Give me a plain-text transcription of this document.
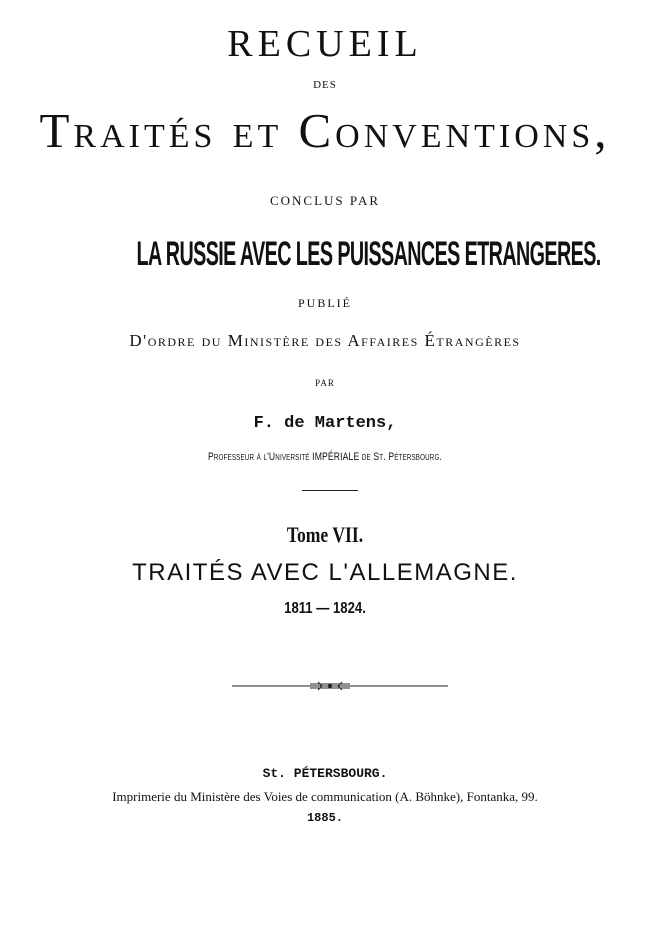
RECUEIL
DES
Traités et Conventions,
CONCLUS PAR
LA RUSSIE AVEC LES PUISSANCES ETRANGERES.
PUBLIÉ
D'ordre du Ministère des Affaires Étrangères
PAR
F. de Martens,
Professeur à l'Université IMPÉRIALE de St. Pétersbourg.
Tome VII.
TRAITÉS AVEC L'ALLEMAGNE.
1811 — 1824.
St. PÉTERSBOURG.
Imprimerie du Ministère des Voies de communication (A. Böhnke), Fontanka, 99.
1885.
